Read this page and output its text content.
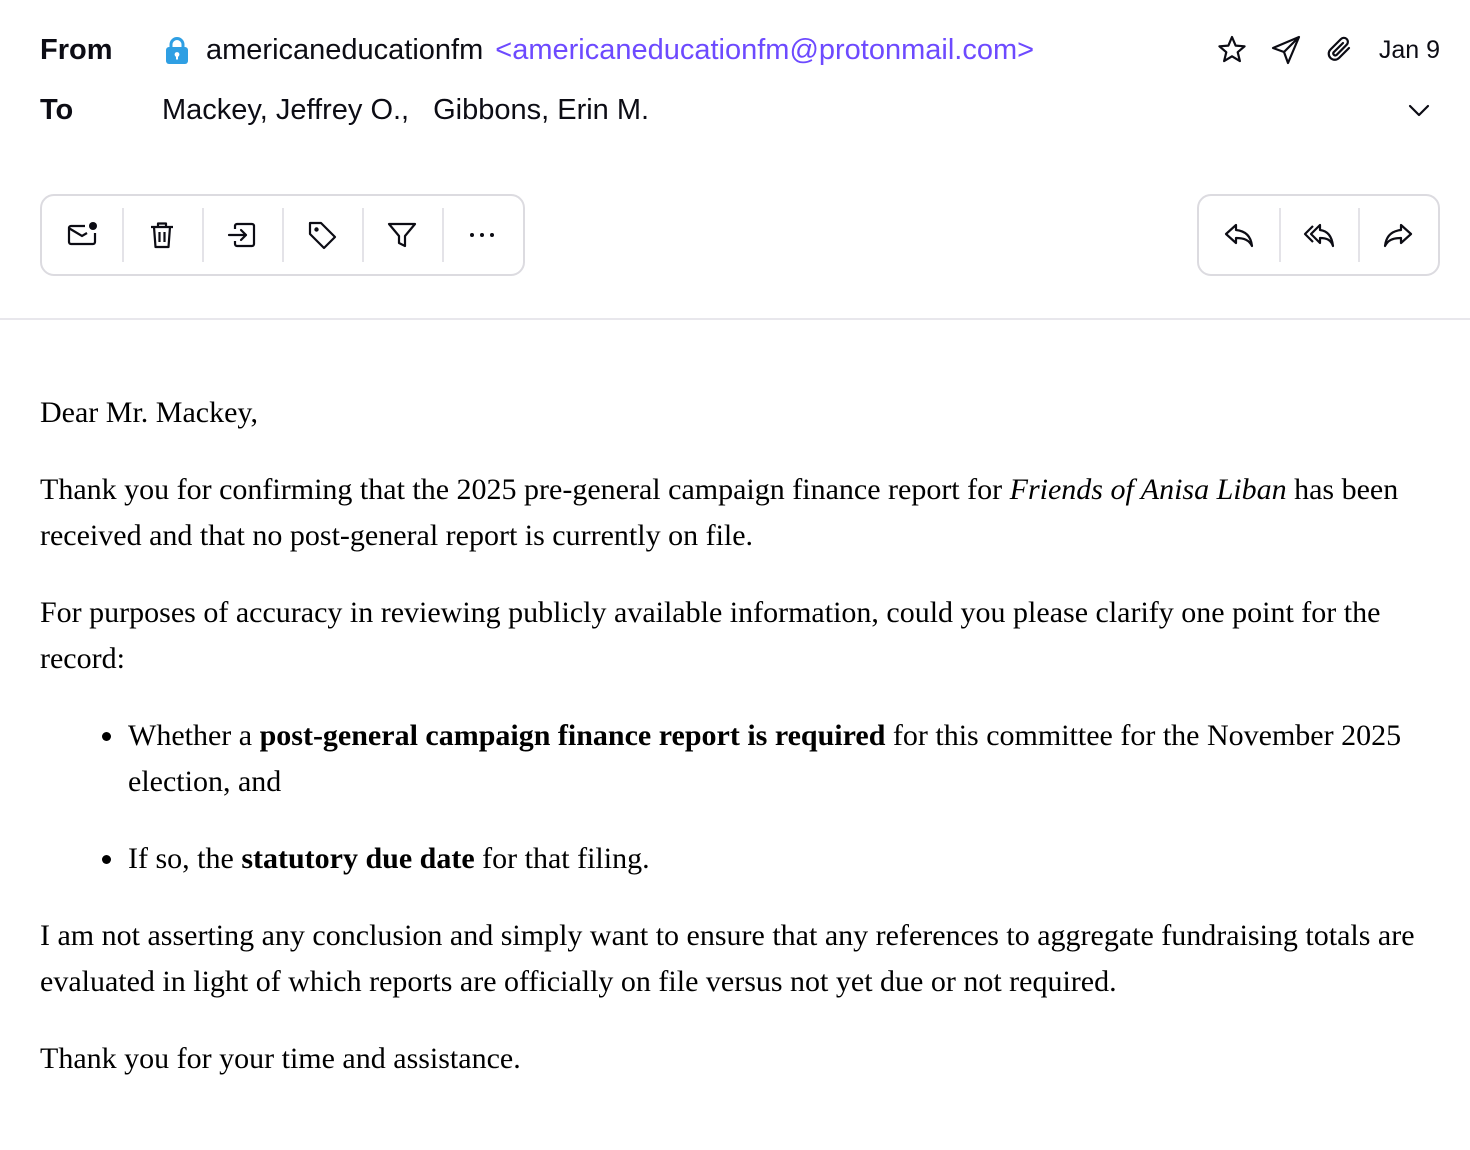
From	americaneducationfm <americaneducationfm@protonmail.com>	Jan 9
To	Mackey, Jeffrey O., Gibbons, Erin M.

Dear Mr. Mackey,

Thank you for confirming that the 2025 pre-general campaign finance report for Friends of Anisa Liban has been received and that no post-general report is currently on file.

For purposes of accuracy in reviewing publicly available information, could you please clarify one point for the record:

• Whether a post-general campaign finance report is required for this committee for the November 2025 election, and
• If so, the statutory due date for that filing.

I am not asserting any conclusion and simply want to ensure that any references to aggregate fundraising totals are evaluated in light of which reports are officially on file versus not yet due or not required.

Thank you for your time and assistance.
